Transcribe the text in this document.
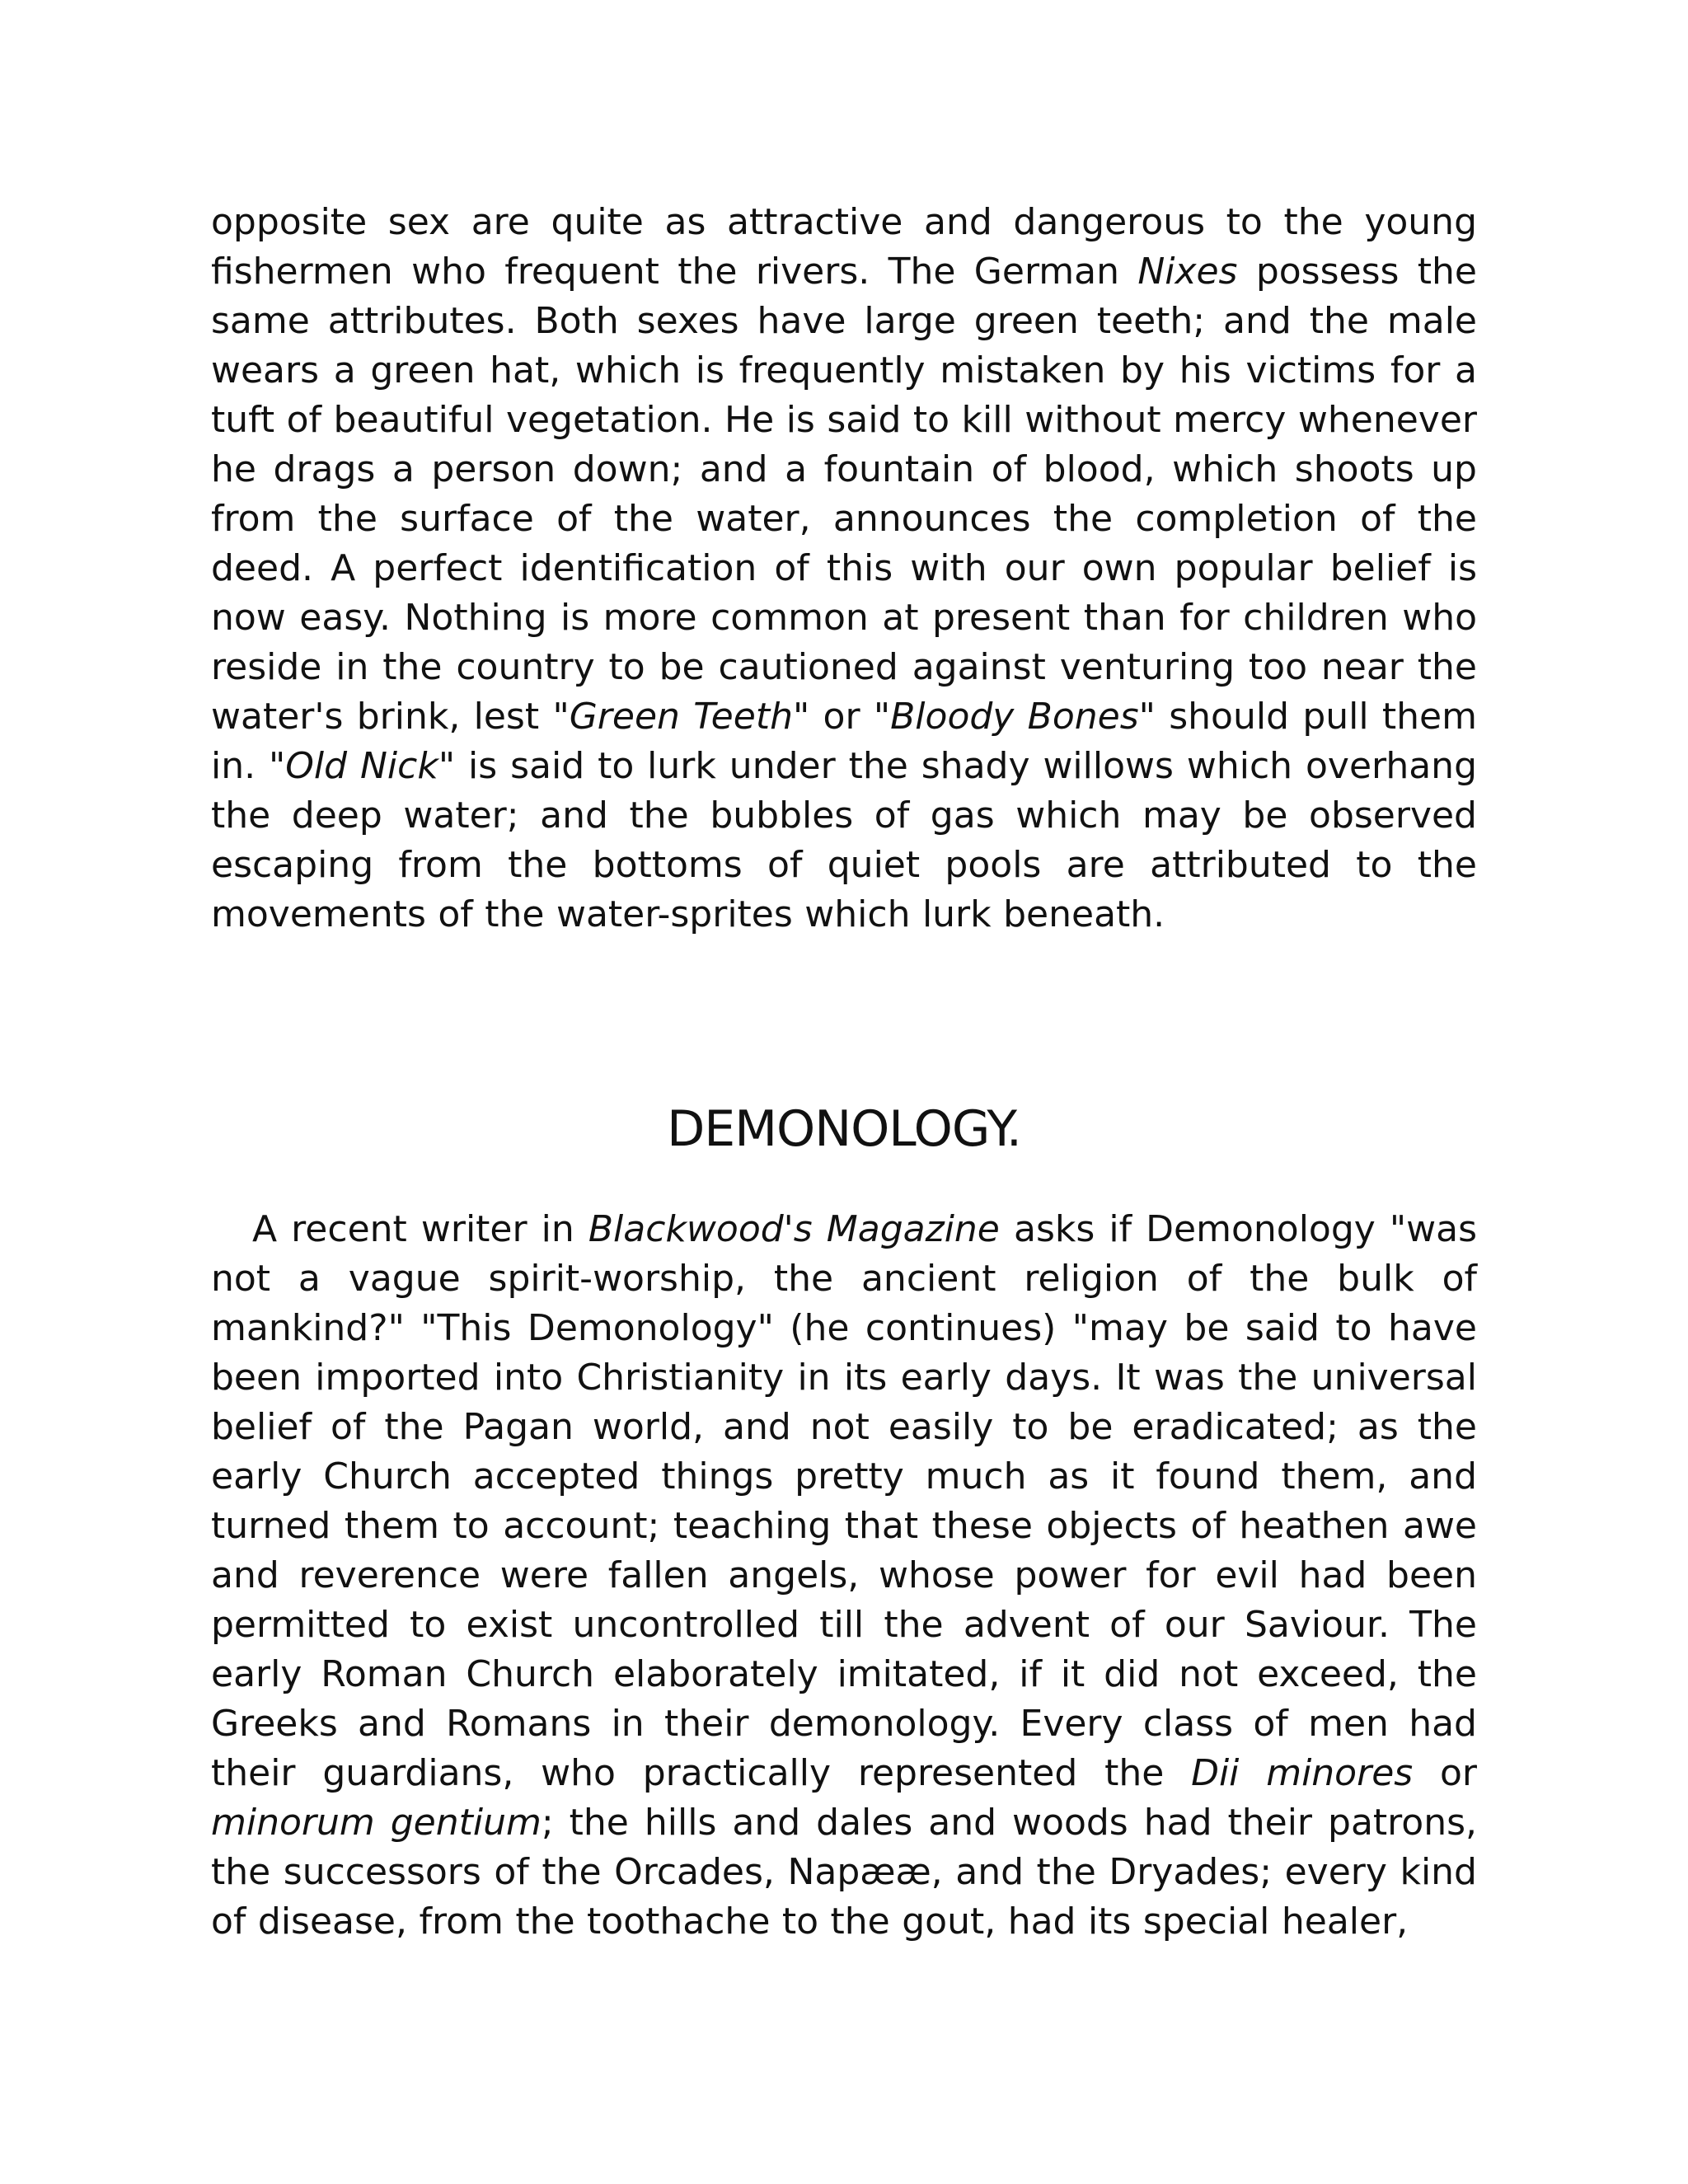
opposite sex are quite as attractive and dangerous to the young fishermen who frequent the rivers. The German Nixes possess the same attributes. Both sexes have large green teeth; and the male wears a green hat, which is frequently mistaken by his victims for a tuft of beautiful vegetation. He is said to kill without mercy whenever he drags a person down; and a fountain of blood, which shoots up from the surface of the water, announces the completion of the deed. A perfect identification of this with our own popular belief is now easy. Nothing is more common at present than for children who reside in the country to be cautioned against venturing too near the water's brink, lest "Green Teeth" or "Bloody Bones" should pull them in. "Old Nick" is said to lurk under the shady willows which overhang the deep water; and the bubbles of gas which may be observed escaping from the bottoms of quiet pools are attributed to the movements of the water-sprites which lurk beneath.
DEMONOLOGY.
A recent writer in Blackwood's Magazine asks if Demonology "was not a vague spirit-worship, the ancient religion of the bulk of mankind?" "This Demonology" (he continues) "may be said to have been imported into Christianity in its early days. It was the universal belief of the Pagan world, and not easily to be eradicated; as the early Church accepted things pretty much as it found them, and turned them to account; teaching that these objects of heathen awe and reverence were fallen angels, whose power for evil had been permitted to exist uncontrolled till the advent of our Saviour. The early Roman Church elaborately imitated, if it did not exceed, the Greeks and Romans in their demonology. Every class of men had their guardians, who practically represented the Dii minores or minorum gentium; the hills and dales and woods had their patrons, the successors of the Orcades, Napææ, and the Dryades; every kind of disease, from the toothache to the gout, had its special healer,
